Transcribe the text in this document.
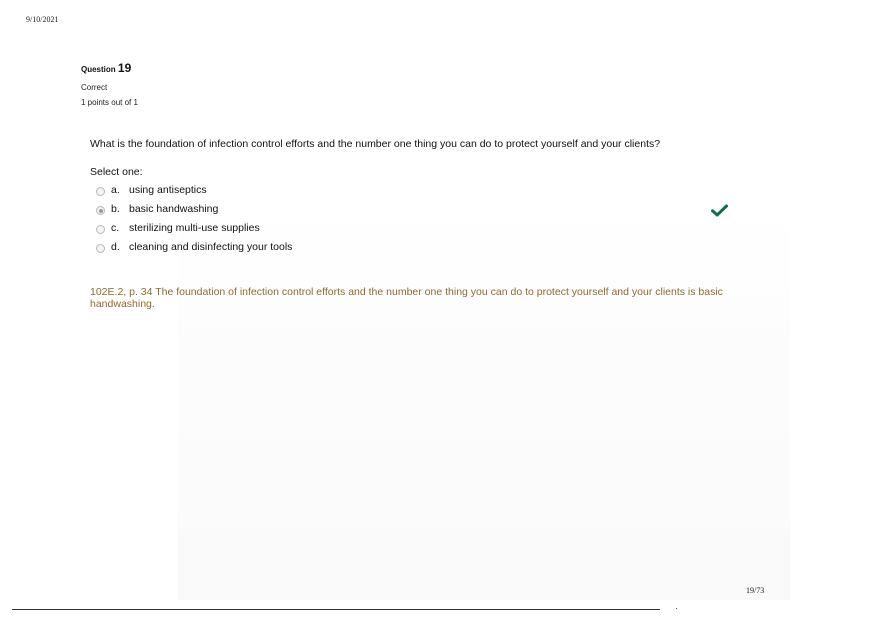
9/10/2021
Question 19
Correct
1 points out of 1
What is the foundation of infection control efforts and the number one thing you can do to protect yourself and your clients?
Select one:
a. using antiseptics
b. basic handwashing
c. sterilizing multi-use supplies
d. cleaning and disinfecting your tools
102E.2, p. 34 The foundation of infection control efforts and the number one thing you can do to protect yourself and your clients is basic handwashing.
19/73
